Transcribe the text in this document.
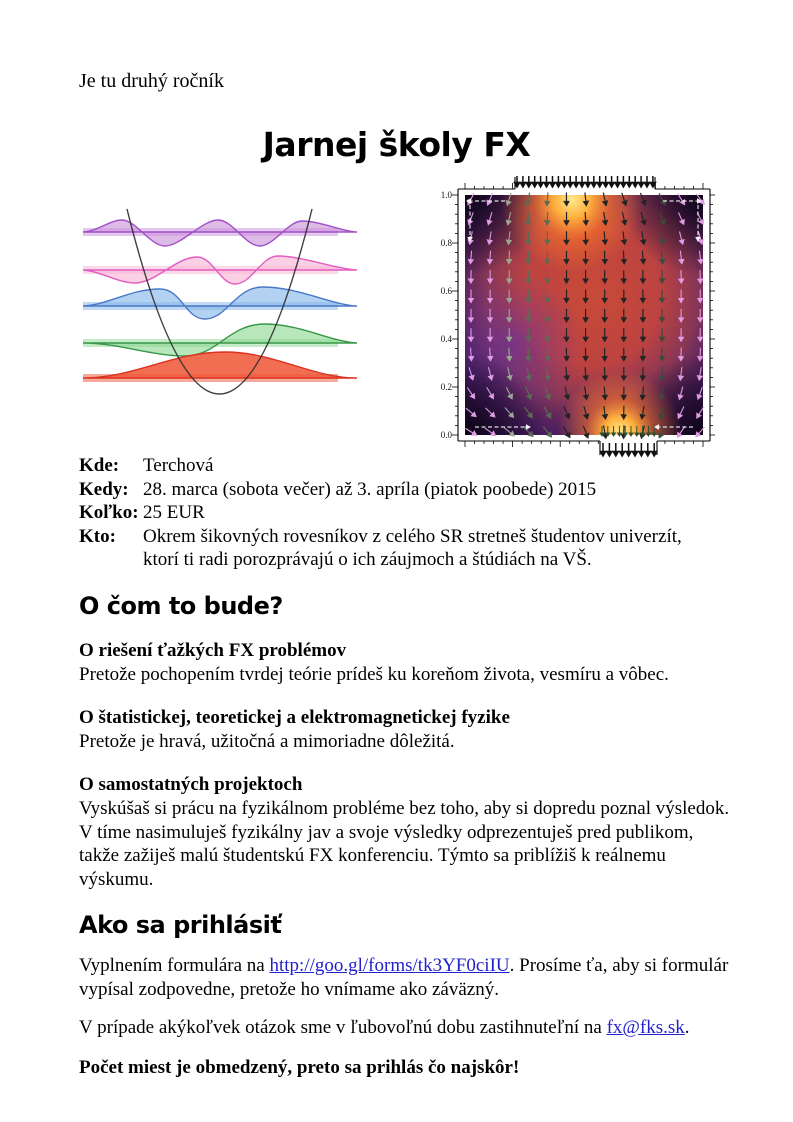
Je tu druhý ročník

Jarnej školy FX
1.0
0.8
0.6
0.4
0.2
0.0
Kde:	Terchová
Kedy: 28. marca (sobota večer) až 3. apríla (piatok poobede) 2015
Koľko: 25 EUR
Kto:	Okrem šikovných rovesníkov z celého SR stretneš študentov univerzít, ktorí ti radi porozprávajú o ich záujmoch a štúdiách na VŠ.
O čom to bude?

O riešení ťažkých FX problémov

Pretože pochopením tvrdej teórie prídeš ku koreňom života, vesmíru a vôbec.

O štatistickej, teoretickej a elektromagnetickej fyzike

Pretože je hravá, užitočná a mimoriadne dôležitá.

O samostatných projektoch

Vyskúšaš si prácu na fyzikálnom probléme bez toho, aby si dopredu poznal výsledok. V tíme nasimuluješ fyzikálny jav a svoje výsledky odprezentuješ pred publikom, takže zažiješ malú študentskú FX konferenciu. Týmto sa priblížiš k reálnemu výskumu.

Ako sa prihlásiť

Vyplnením formulára na http://goo.gl/forms/tk3YF0ciIU. Prosíme ťa, aby si formulár vypísal zodpovedne, pretože ho vnímame ako záväzný.

V prípade akýkoľvek otázok sme v ľubovoľnú dobu zastihnuteľní na fx@fks.sk.

Počet miest je obmedzený, preto sa prihlás čo najskôr!
